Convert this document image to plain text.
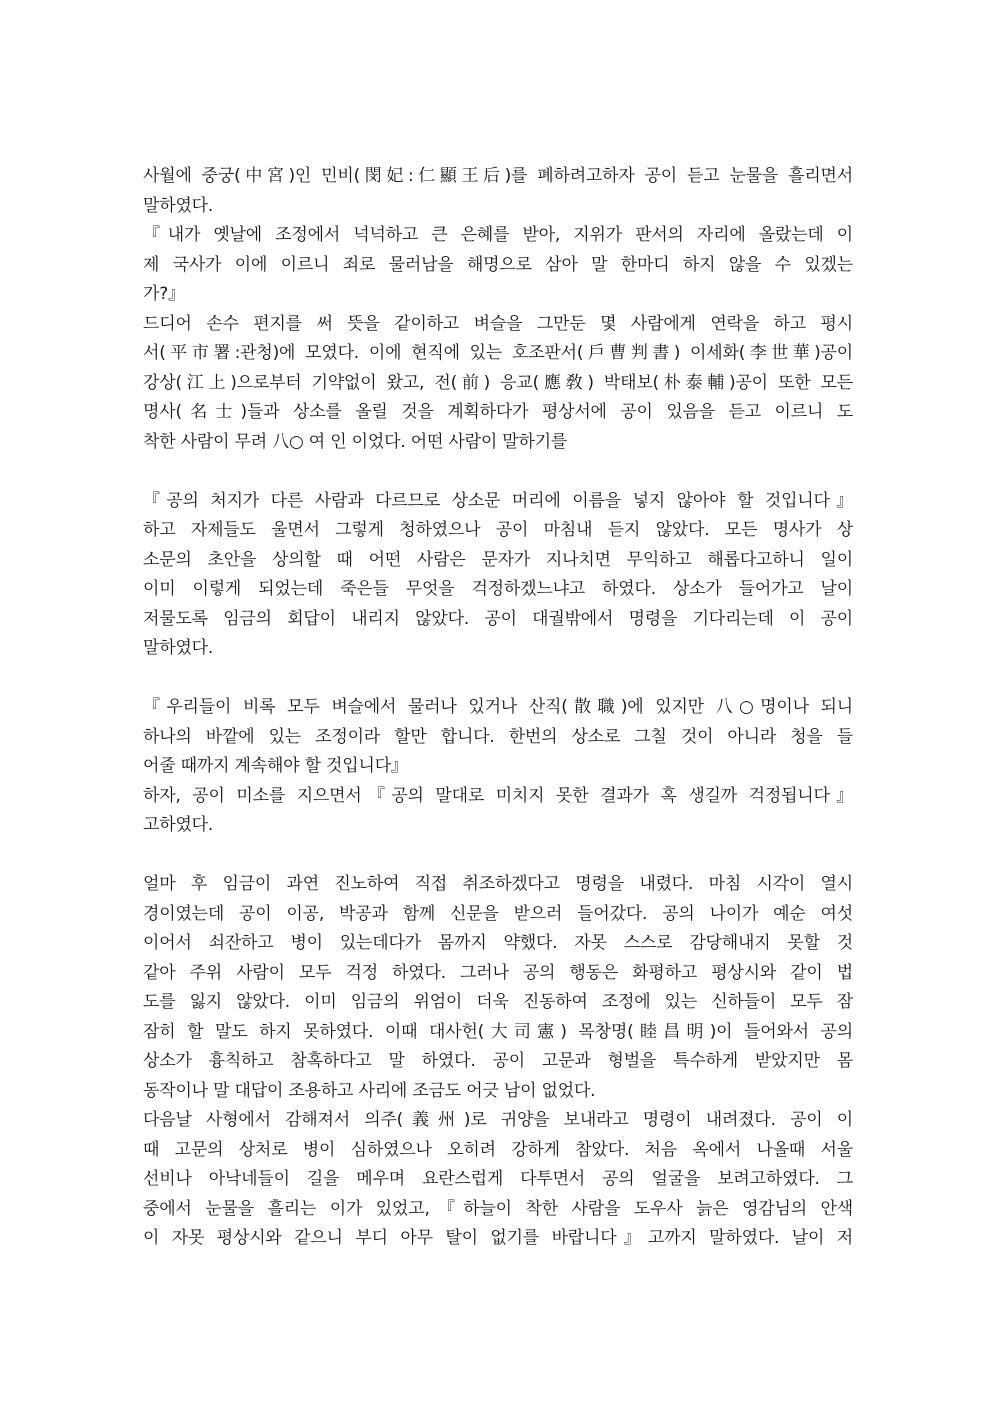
사월에 중궁(中宮)인 민비(閔妃:仁顯王后)를 폐하려고하자 공이 듣고 눈물을 흘리면서
말하였다.
『내가 옛날에 조정에서 넉넉하고 큰 은혜를 받아, 지위가 판서의 자리에 올랐는데 이
제 국사가 이에 이르니 죄로 물러남을 해명으로 삼아 말 한마디 하지 않을 수 있겠는
가?』
드디어 손수 편지를 써 뜻을 같이하고 벼슬을 그만둔 몇 사람에게 연락을 하고 평시
서(平市署:관청)에 모였다. 이에 현직에 있는 호조판서(戶曹判書) 이세화(李世華)공이
강상(江上)으로부터 기약없이 왔고, 전(前) 응교(應敎) 박태보(朴泰輔)공이 또한 모든
명사(名士)들과 상소를 올릴 것을 계획하다가 평상서에 공이 있음을 듣고 이르니 도
착한 사람이 무려 八○ 여 인 이었다. 어떤 사람이 말하기를
『공의 처지가 다른 사람과 다르므로 상소문 머리에 이름을 넣지 않아야 할 것입니다』
하고 자제들도 울면서 그렇게 청하였으나 공이 마침내 듣지 않았다. 모든 명사가 상
소문의 초안을 상의할 때 어떤 사람은 문자가 지나치면 무익하고 해롭다고하니 일이
이미 이렇게 되었는데 죽은들 무엇을 걱정하겠느냐고 하였다. 상소가 들어가고 날이
저물도록 임금의 회답이 내리지 않았다. 공이 대궐밖에서 명령을 기다리는데 이 공이
말하였다.
『우리들이 비록 모두 벼슬에서 물러나 있거나 산직(散職)에 있지만 八○명이나 되니
하나의 바깥에 있는 조정이라 할만 합니다. 한번의 상소로 그칠 것이 아니라 청을 들
어줄 때까지 계속해야 할 것입니다』
하자, 공이 미소를 지으면서『공의 말대로 미치지 못한 결과가 혹 생길까 걱정됩니다』
고하였다.
얼마 후 임금이 과연 진노하여 직접 취조하겠다고 명령을 내렸다. 마침 시각이 열시
경이였는데 공이 이공, 박공과 함께 신문을 받으러 들어갔다. 공의 나이가 예순 여섯
이어서 쇠잔하고 병이 있는데다가 몸까지 약했다. 자못 스스로 감당해내지 못할 것
같아 주위 사람이 모두 걱정 하였다. 그러나 공의 행동은 화평하고 평상시와 같이 법
도를 잃지 않았다. 이미 임금의 위엄이 더욱 진동하여 조정에 있는 신하들이 모두 잠
잠히 할 말도 하지 못하였다. 이때 대사헌(大司憲) 목창명(睦昌明)이 들어와서 공의
상소가 흉칙하고 참혹하다고 말 하였다. 공이 고문과 형벌을 특수하게 받았지만 몸
동작이나 말 대답이 조용하고 사리에 조금도 어긋 남이 없었다.
다음날 사형에서 감해져서 의주(義州)로 귀양을 보내라고 명령이 내려졌다. 공이 이
때 고문의 상처로 병이 심하였으나 오히려 강하게 참았다. 처음 옥에서 나올때 서울
선비나 아낙네들이 길을 메우며 요란스럽게 다투면서 공의 얼굴을 보려고하였다. 그
중에서 눈물을 흘리는 이가 있었고,『하늘이 착한 사람을 도우사 늙은 영감님의 안색
이 자못 평상시와 같으니 부디 아무 탈이 없기를 바랍니다』고까지 말하였다. 날이 저
